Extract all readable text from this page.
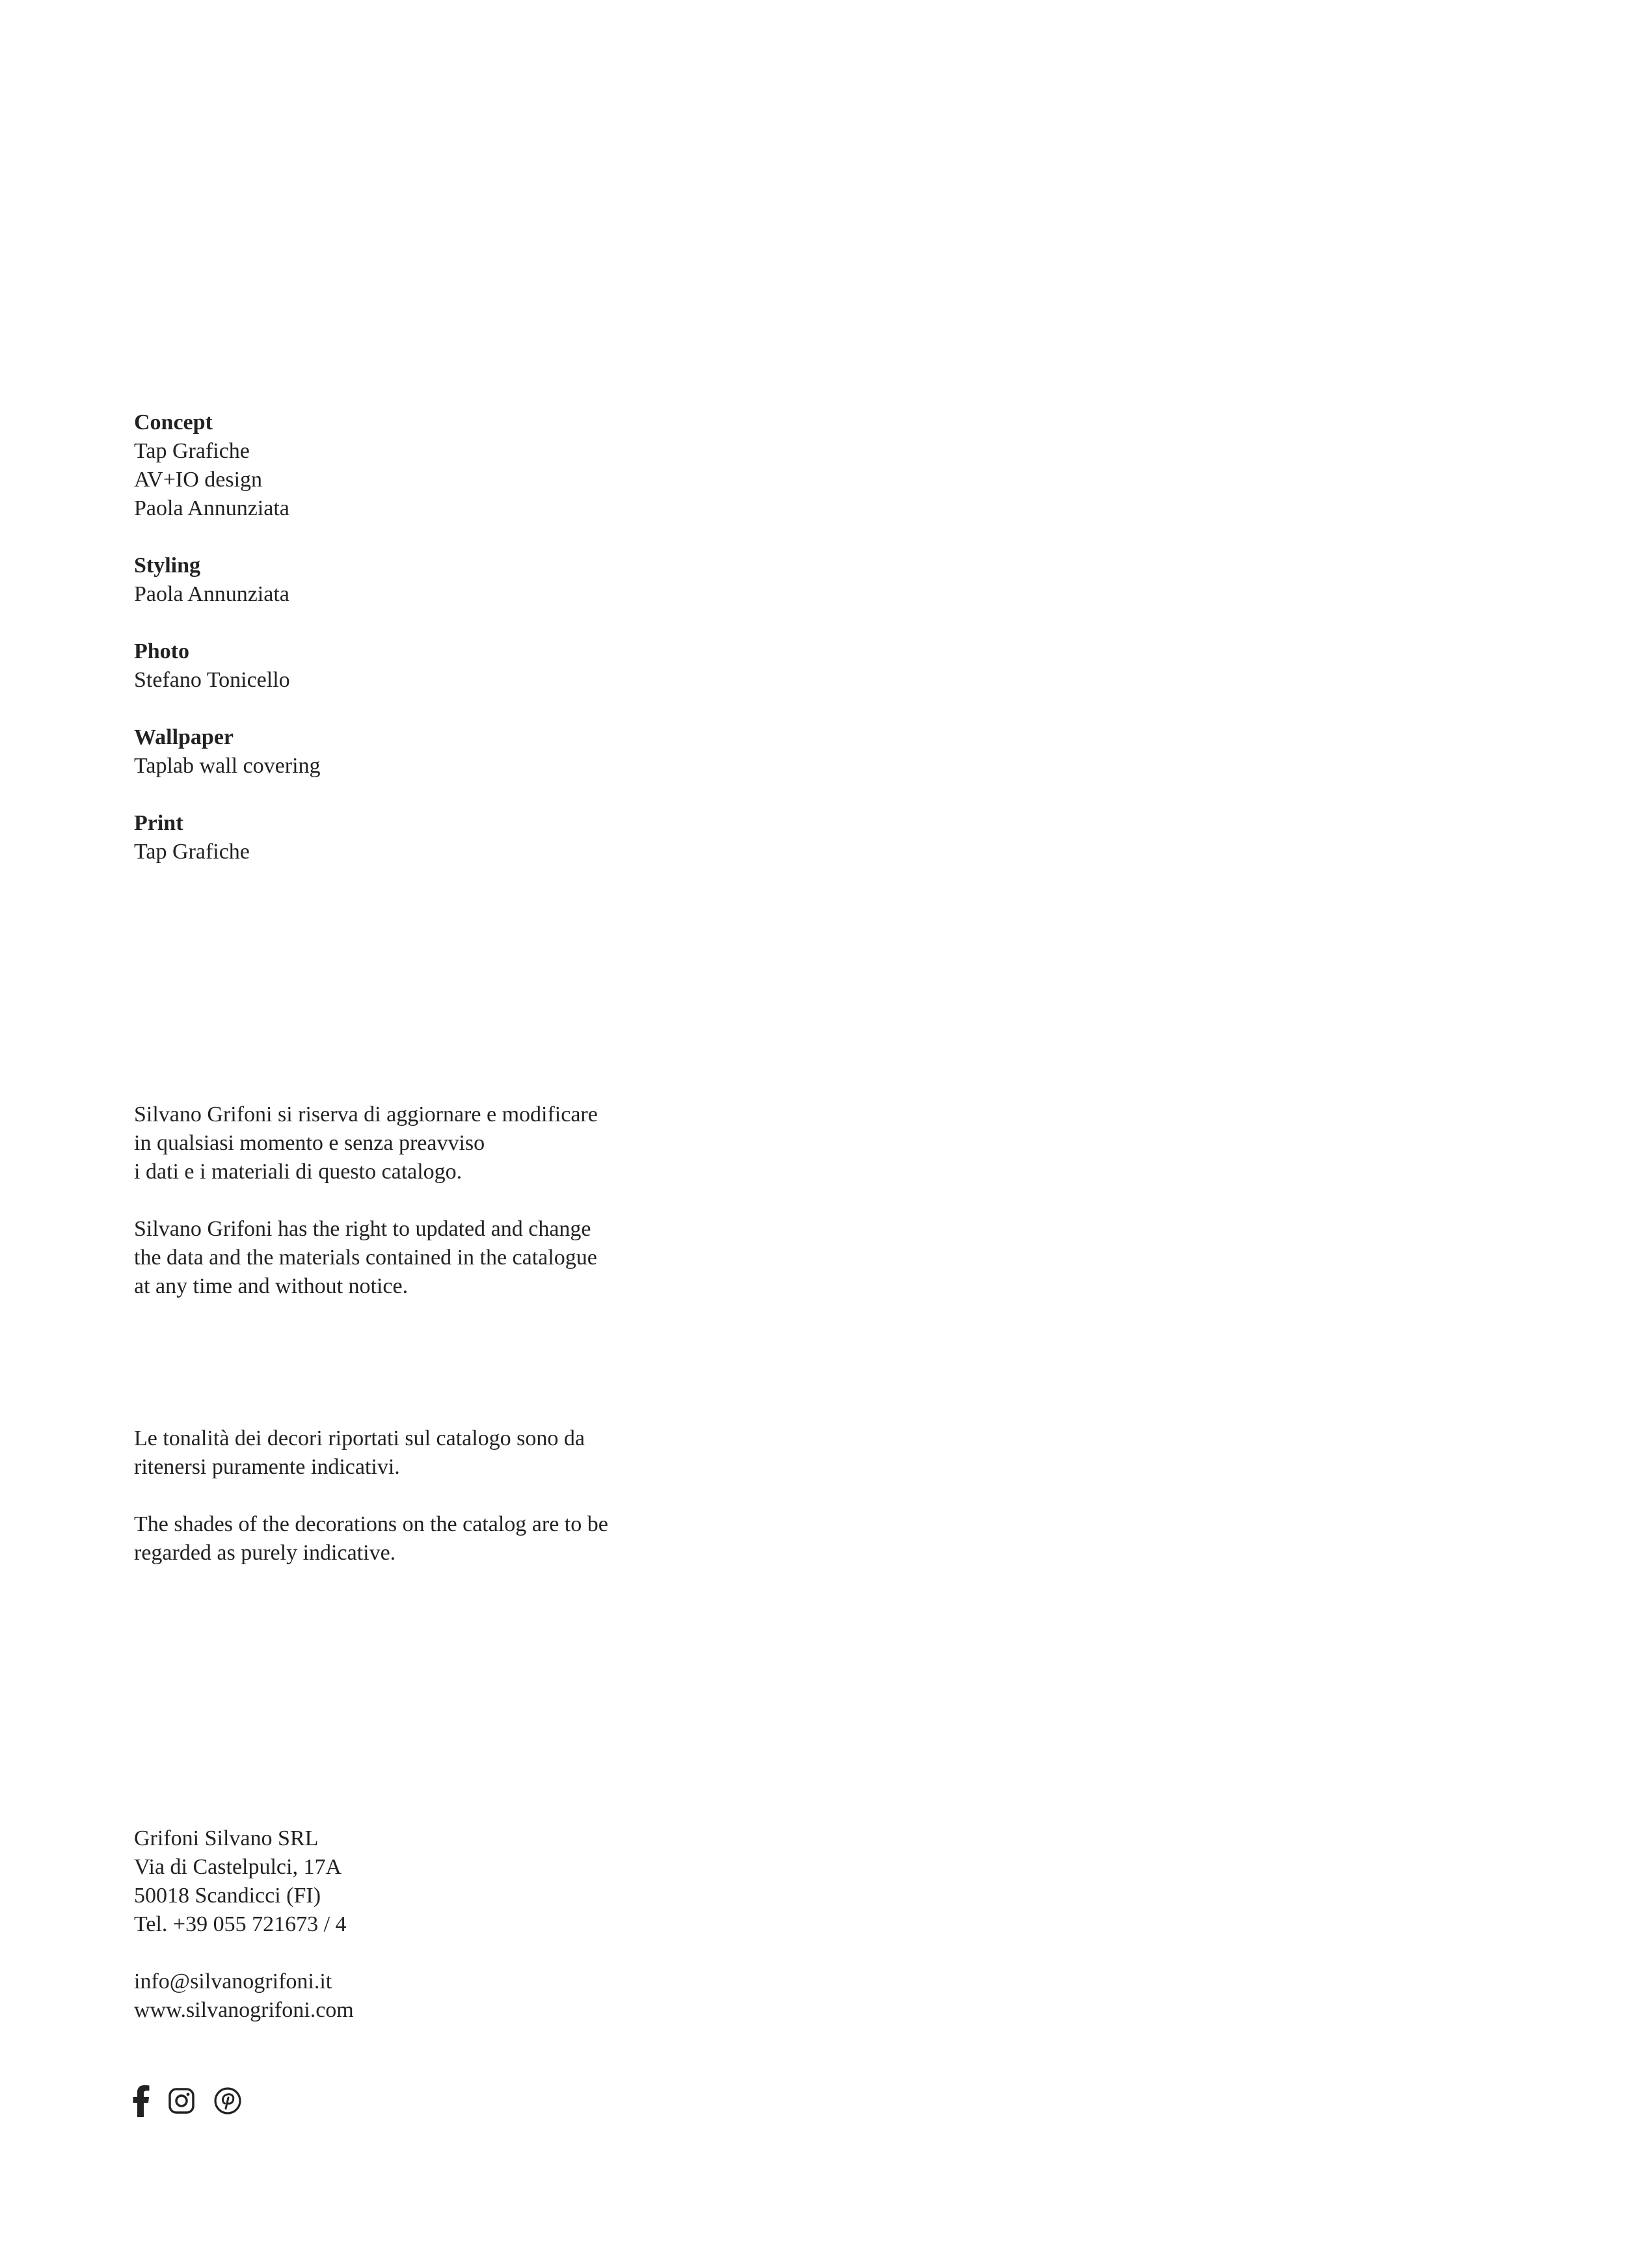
Concept
Tap Grafiche
AV+IO design
Paola Annunziata
Styling
Paola Annunziata
Photo
Stefano Tonicello
Wallpaper
Taplab wall covering
Print
Tap Grafiche
Silvano Grifoni si riserva di aggiornare e modificare
in qualsiasi momento e senza preavviso
i dati e i materiali di questo catalogo.
Silvano Grifoni has the right to updated and change
the data and the materials contained in the catalogue
at any time and without notice.
Le tonalità dei decori riportati sul catalogo sono da
ritenersi puramente indicativi.
The shades of the decorations on the catalog are to be
regarded as purely indicative.
Grifoni Silvano SRL
Via di Castelpulci, 17A
50018 Scandicci (FI)
Tel. +39 055 721673 / 4
info@silvanogrifoni.it
www.silvanogrifoni.com
